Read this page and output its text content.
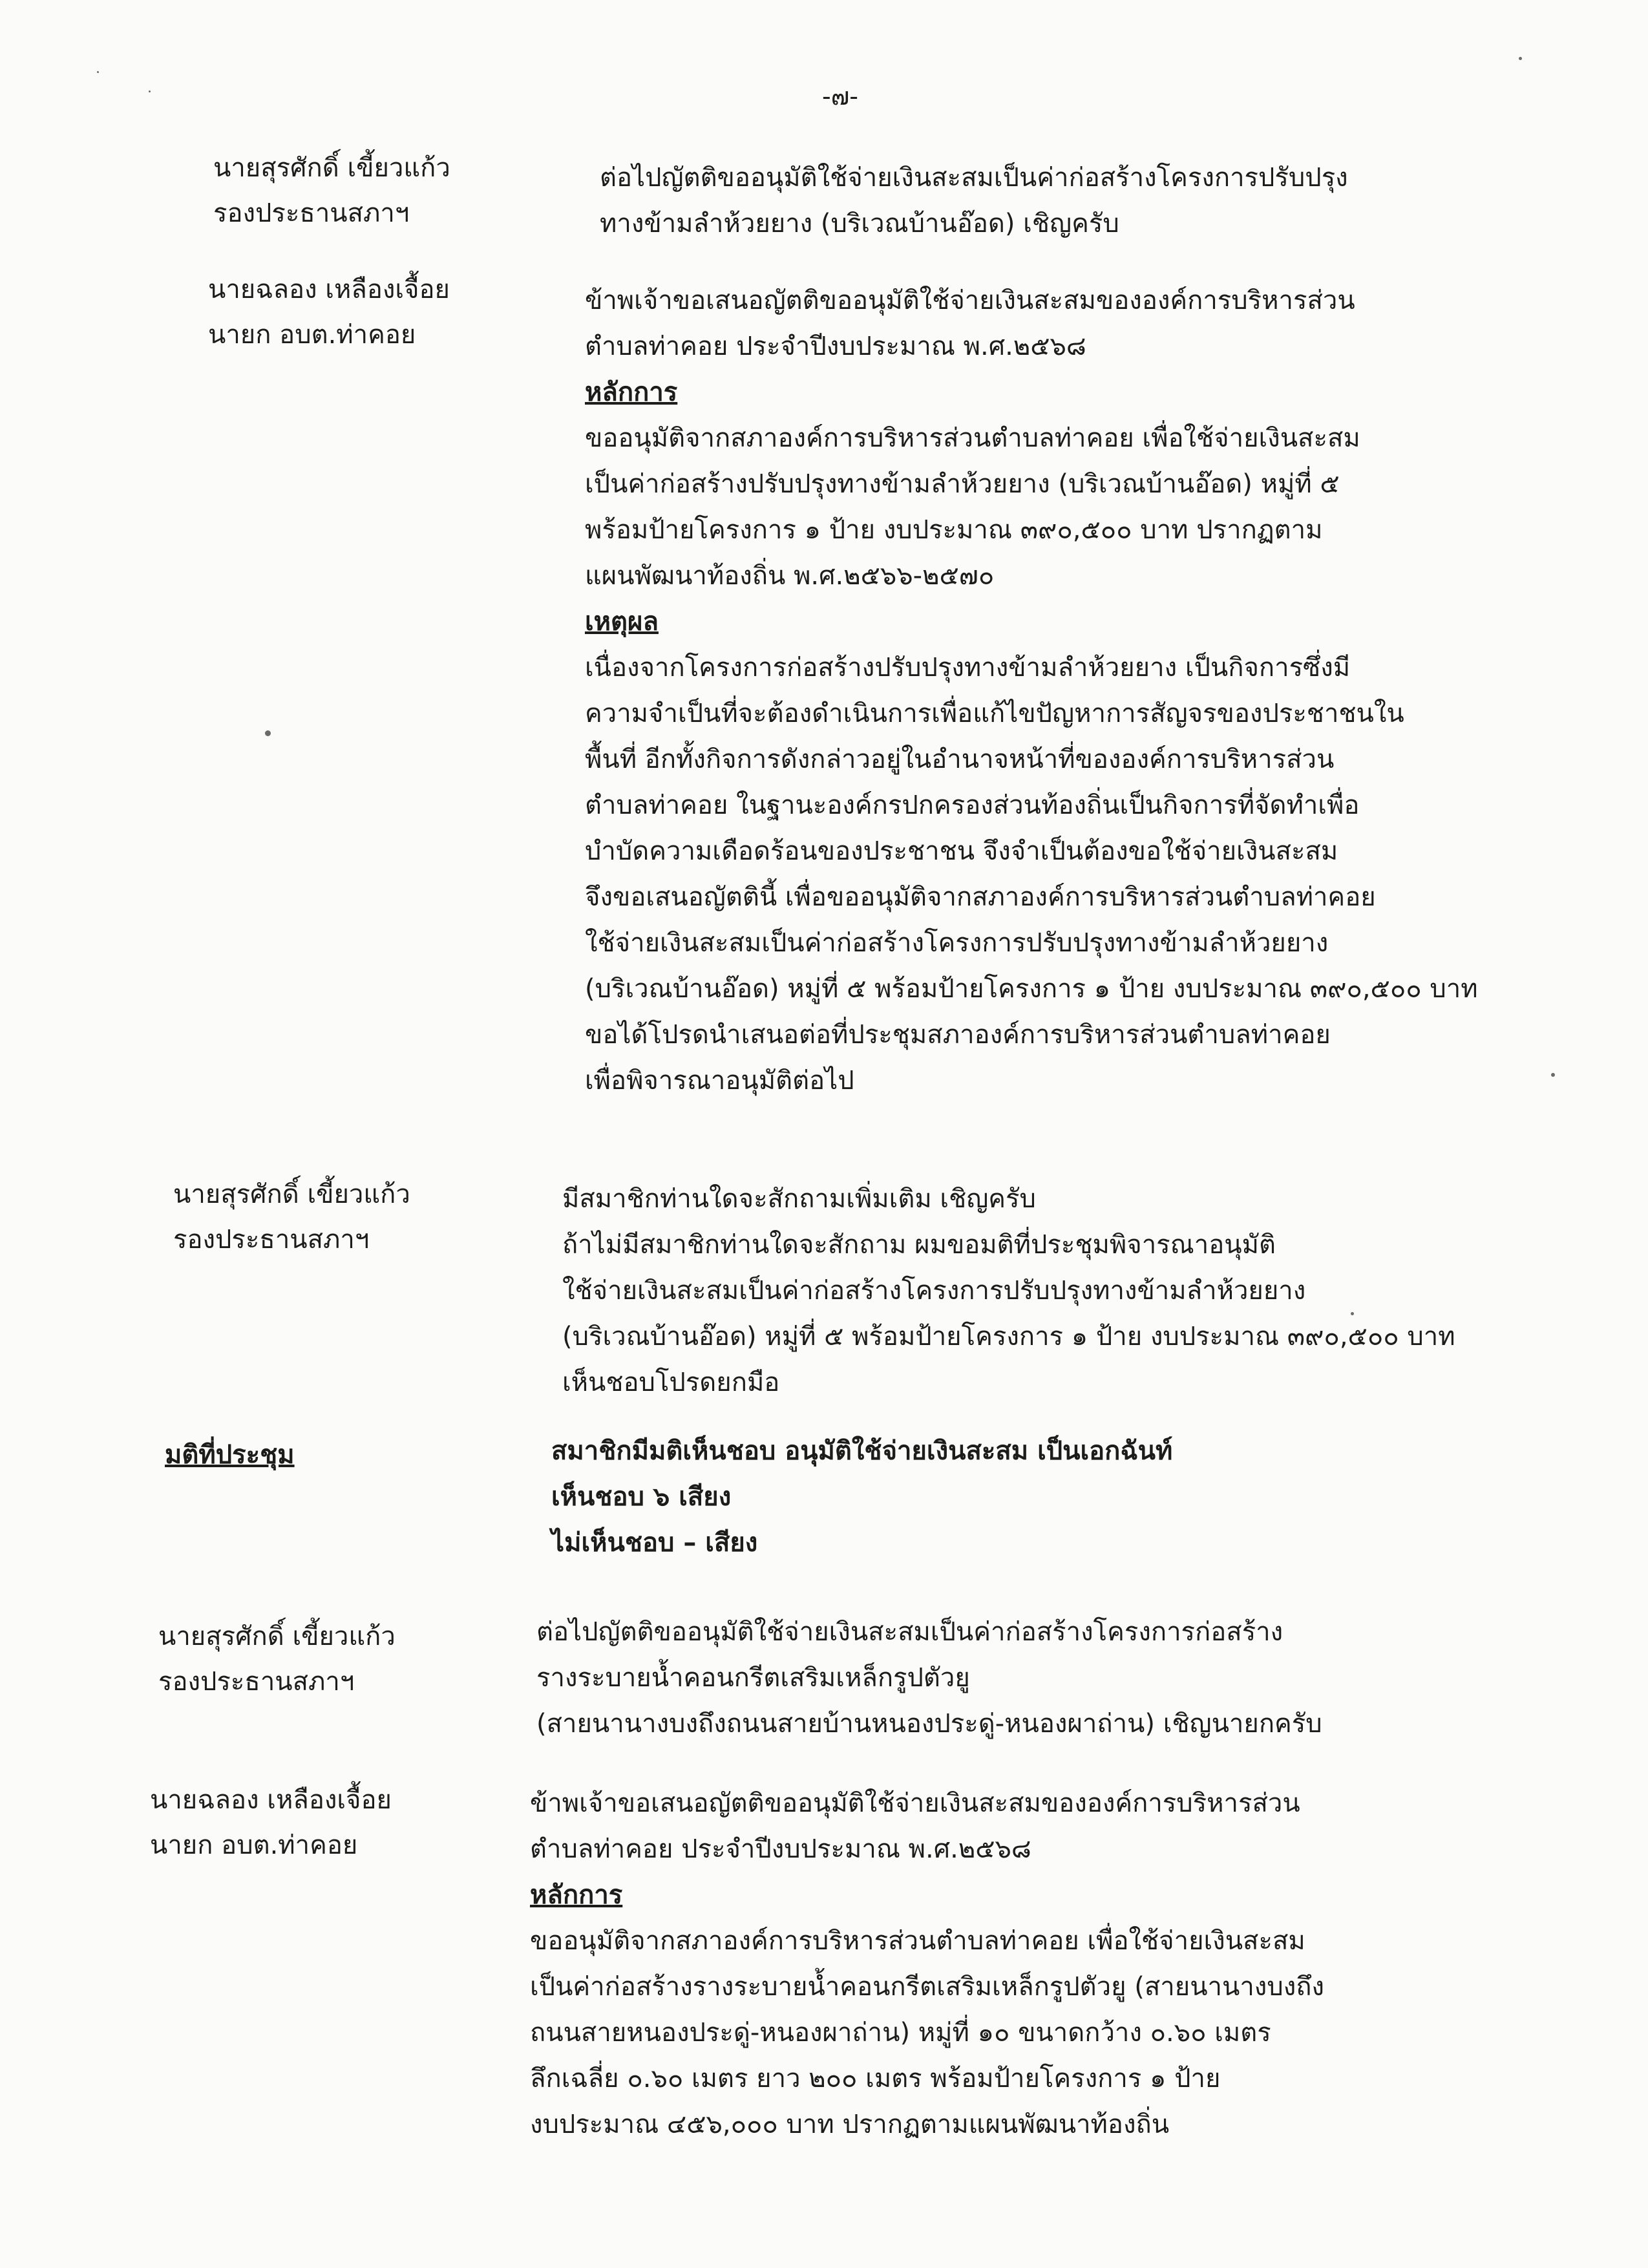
-๗-
นายสุรศักดิ์ เขี้ยวแก้ว
รองประธานสภาฯ
ต่อไปญัตติขออนุมัติใช้จ่ายเงินสะสมเป็นค่าก่อสร้างโครงการปรับปรุง
ทางข้ามลำห้วยยาง (บริเวณบ้านอ๊อด) เชิญครับ
นายฉลอง เหลืองเจื้อย
นายก อบต.ท่าคอย
ข้าพเจ้าขอเสนอญัตติขออนุมัติใช้จ่ายเงินสะสมขององค์การบริหารส่วน
ตำบลท่าคอย ประจำปีงบประมาณ พ.ศ.๒๕๖๘
หลักการ
ขออนุมัติจากสภาองค์การบริหารส่วนตำบลท่าคอย เพื่อใช้จ่ายเงินสะสม
เป็นค่าก่อสร้างปรับปรุงทางข้ามลำห้วยยาง (บริเวณบ้านอ๊อด) หมู่ที่ ๕
พร้อมป้ายโครงการ ๑ ป้าย งบประมาณ ๓๙๐,๕๐๐ บาท ปรากฏตาม
แผนพัฒนาท้องถิ่น พ.ศ.๒๕๖๖-๒๕๗๐
เหตุผล
เนื่องจากโครงการก่อสร้างปรับปรุงทางข้ามลำห้วยยาง เป็นกิจการซึ่งมี
ความจำเป็นที่จะต้องดำเนินการเพื่อแก้ไขปัญหาการสัญจรของประชาชนใน
พื้นที่ อีกทั้งกิจการดังกล่าวอยู่ในอำนาจหน้าที่ขององค์การบริหารส่วน
ตำบลท่าคอย ในฐานะองค์กรปกครองส่วนท้องถิ่นเป็นกิจการที่จัดทำเพื่อ
บำบัดความเดือดร้อนของประชาชน จึงจำเป็นต้องขอใช้จ่ายเงินสะสม
จึงขอเสนอญัตตินี้ เพื่อขออนุมัติจากสภาองค์การบริหารส่วนตำบลท่าคอย
ใช้จ่ายเงินสะสมเป็นค่าก่อสร้างโครงการปรับปรุงทางข้ามลำห้วยยาง
(บริเวณบ้านอ๊อด) หมู่ที่ ๕ พร้อมป้ายโครงการ ๑ ป้าย งบประมาณ ๓๙๐,๕๐๐ บาท
ขอได้โปรดนำเสนอต่อที่ประชุมสภาองค์การบริหารส่วนตำบลท่าคอย
เพื่อพิจารณาอนุมัติต่อไป
นายสุรศักดิ์ เขี้ยวแก้ว
รองประธานสภาฯ
มีสมาชิกท่านใดจะสักถามเพิ่มเติม เชิญครับ
ถ้าไม่มีสมาชิกท่านใดจะสักถาม ผมขอมติที่ประชุมพิจารณาอนุมัติ
ใช้จ่ายเงินสะสมเป็นค่าก่อสร้างโครงการปรับปรุงทางข้ามลำห้วยยาง
(บริเวณบ้านอ๊อด) หมู่ที่ ๕ พร้อมป้ายโครงการ ๑ ป้าย งบประมาณ ๓๙๐,๕๐๐ บาท
เห็นชอบโปรดยกมือ
มติที่ประชุม	สมาชิกมีมติเห็นชอบ อนุมัติใช้จ่ายเงินสะสม เป็นเอกฉันท์
เห็นชอบ ๖ เสียง
ไม่เห็นชอบ – เสียง
นายสุรศักดิ์ เขี้ยวแก้ว
รองประธานสภาฯ
ต่อไปญัตติขออนุมัติใช้จ่ายเงินสะสมเป็นค่าก่อสร้างโครงการก่อสร้าง
รางระบายน้ำคอนกรีตเสริมเหล็กรูปตัวยู
(สายนานางบงถึงถนนสายบ้านหนองประดู่-หนองผาถ่าน) เชิญนายกครับ
นายฉลอง เหลืองเจื้อย
นายก อบต.ท่าคอย
ข้าพเจ้าขอเสนอญัตติขออนุมัติใช้จ่ายเงินสะสมขององค์การบริหารส่วน
ตำบลท่าคอย ประจำปีงบประมาณ พ.ศ.๒๕๖๘
หลักการ
ขออนุมัติจากสภาองค์การบริหารส่วนตำบลท่าคอย เพื่อใช้จ่ายเงินสะสม
เป็นค่าก่อสร้างรางระบายน้ำคอนกรีตเสริมเหล็กรูปตัวยู (สายนานางบงถึง
ถนนสายหนองประดู่-หนองผาถ่าน) หมู่ที่ ๑๐ ขนาดกว้าง ๐.๖๐ เมตร
ลึกเฉลี่ย ๐.๖๐ เมตร ยาว ๒๐๐ เมตร พร้อมป้ายโครงการ ๑ ป้าย
งบประมาณ ๔๕๖,๐๐๐ บาท ปรากฏตามแผนพัฒนาท้องถิ่น
